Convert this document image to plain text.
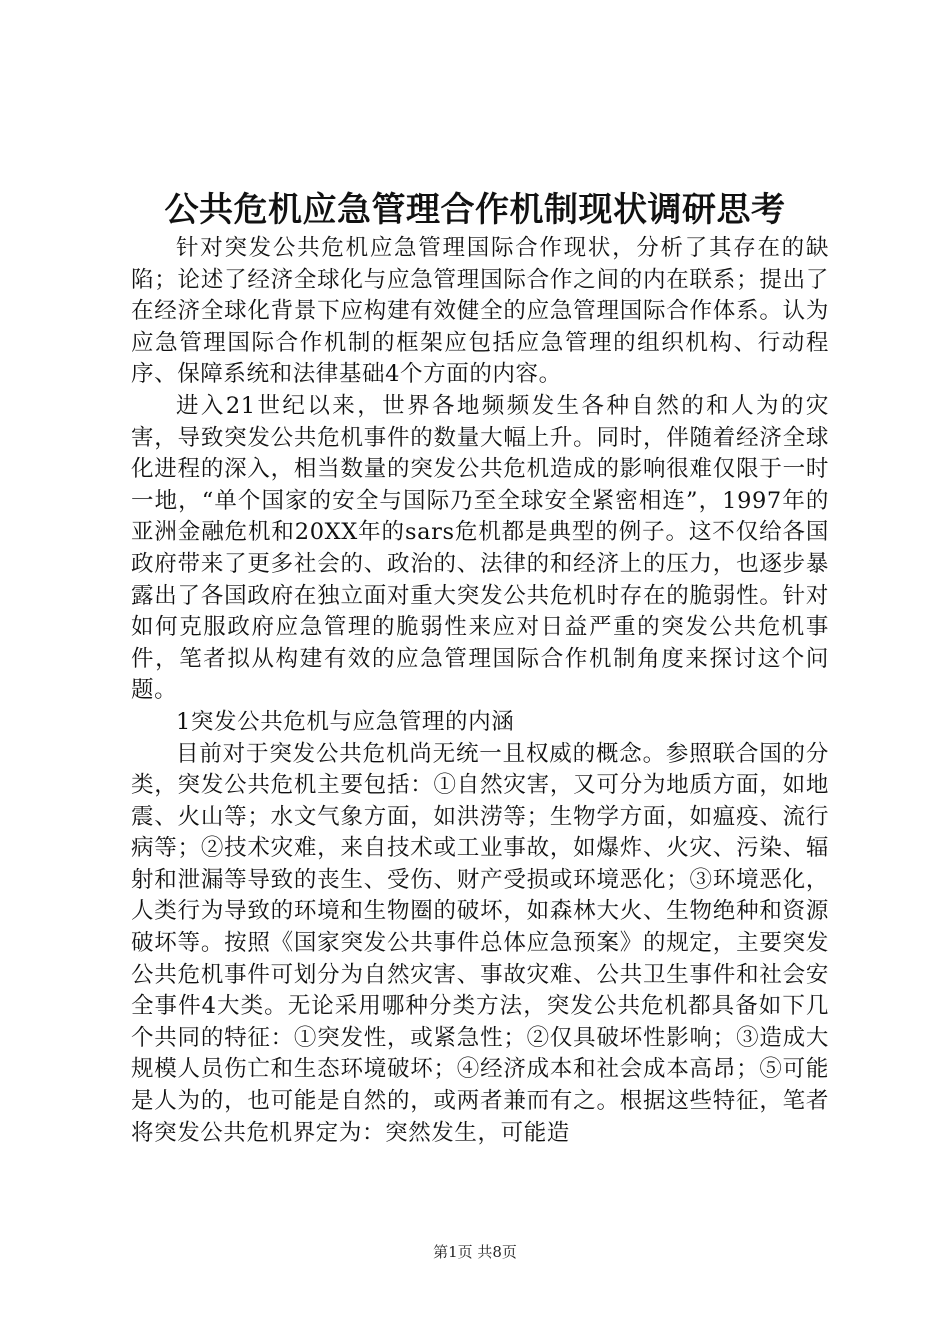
公共危机应急管理合作机制现状调研思考

针对突发公共危机应急管理国际合作现状，分析了其存在的缺陷；论述了经济全球化与应急管理国际合作之间的内在联系；提出了在经济全球化背景下应构建有效健全的应急管理国际合作体系。认为应急管理国际合作机制的框架应包括应急管理的组织机构、行动程序、保障系统和法律基础4个方面的内容。

进入21世纪以来，世界各地频频发生各种自然的和人为的灾害，导致突发公共危机事件的数量大幅上升。同时，伴随着经济全球化进程的深入，相当数量的突发公共危机造成的影响很难仅限于一时一地，“单个国家的安全与国际乃至全球安全紧密相连”，1997年的亚洲金融危机和20XX年的sars危机都是典型的例子。这不仅给各国政府带来了更多社会的、政治的、法律的和经济上的压力，也逐步暴露出了各国政府在独立面对重大突发公共危机时存在的脆弱性。针对如何克服政府应急管理的脆弱性来应对日益严重的突发公共危机事件，笔者拟从构建有效的应急管理国际合作机制角度来探讨这个问题。

1突发公共危机与应急管理的内涵

目前对于突发公共危机尚无统一且权威的概念。参照联合国的分类，突发公共危机主要包括：①自然灾害，又可分为地质方面，如地震、火山等；水文气象方面，如洪涝等；生物学方面，如瘟疫、流行病等；②技术灾难，来自技术或工业事故，如爆炸、火灾、污染、辐射和泄漏等导致的丧生、受伤、财产受损或环境恶化；③环境恶化，人类行为导致的环境和生物圈的破坏，如森林大火、生物绝种和资源破坏等。按照《国家突发公共事件总体应急预案》的规定，主要突发公共危机事件可划分为自然灾害、事故灾难、公共卫生事件和社会安全事件4大类。无论采用哪种分类方法，突发公共危机都具备如下几个共同的特征：①突发性，或紧急性；②仅具破坏性影响；③造成大规模人员伤亡和生态环境破坏；④经济成本和社会成本高昂；⑤可能是人为的，也可能是自然的，或两者兼而有之。根据这些特征，笔者将突发公共危机界定为：突然发生，可能造

第1页 共8页
